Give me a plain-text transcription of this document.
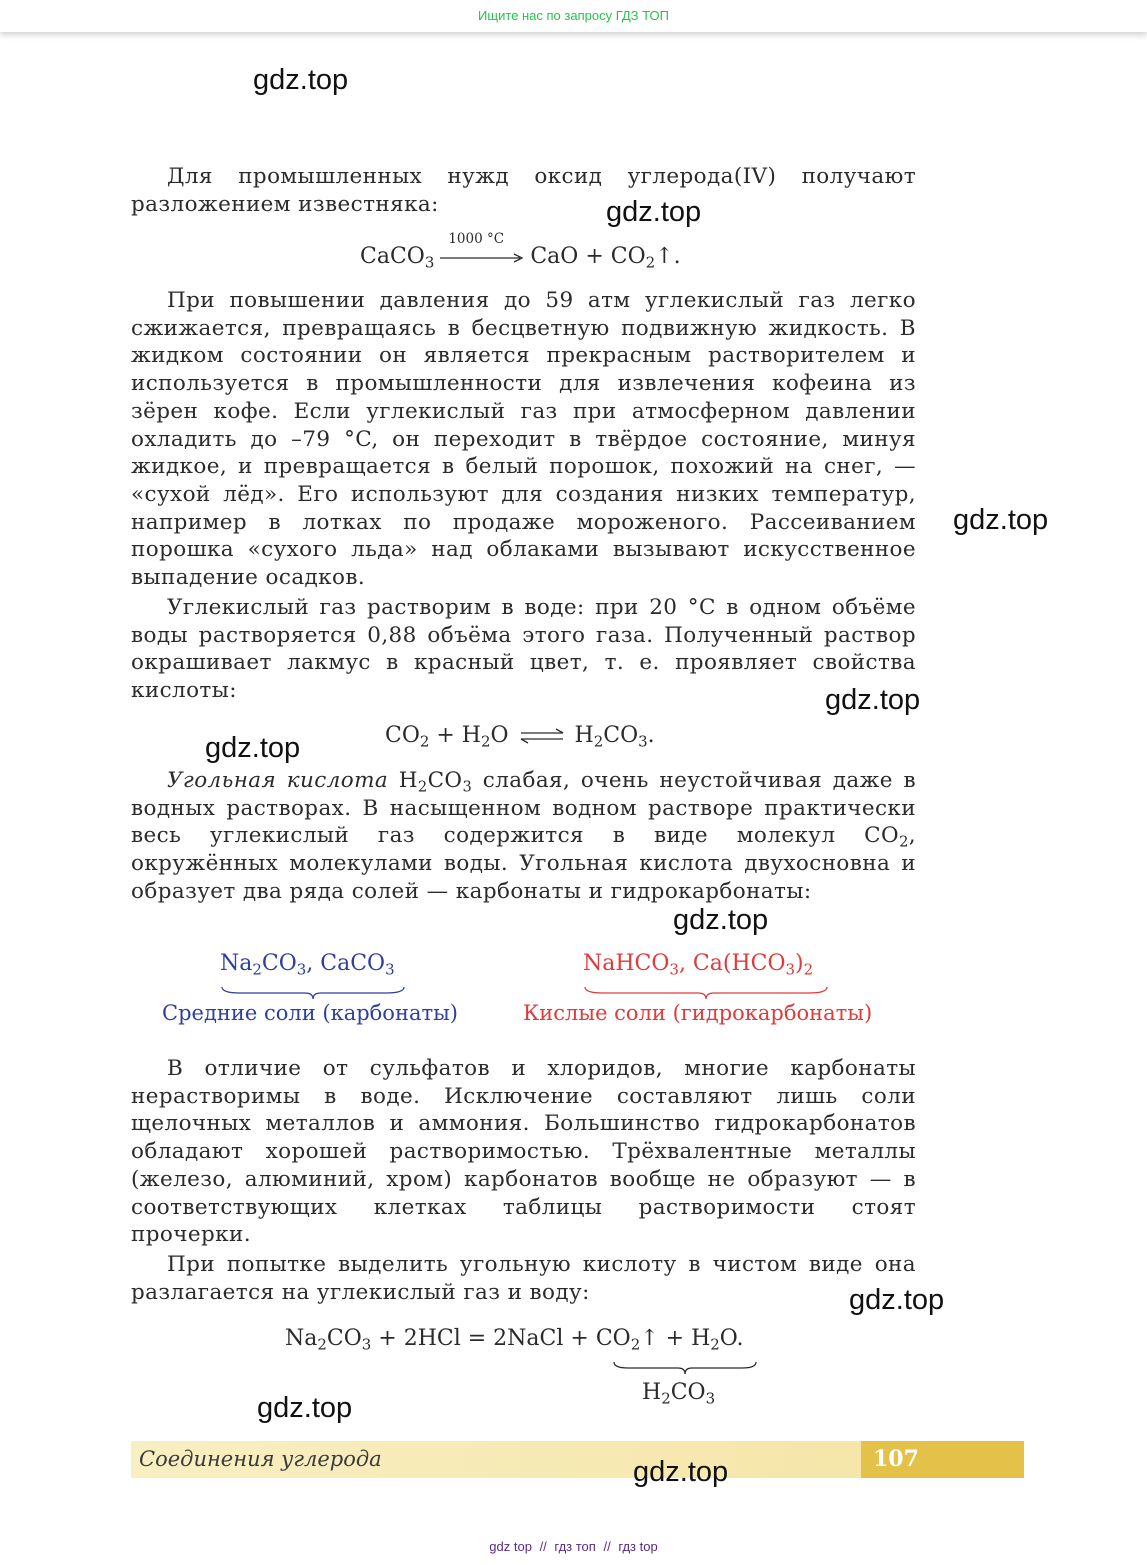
Ищите нас по запросу ГДЗ ТОП
gdz.top
gdz.top
gdz.top
gdz.top
gdz.top
gdz.top
gdz.top
gdz.top
gdz.top

Для промышленных нужд оксид углерода(IV) получают разложением известняка:

CaCO$_3$
1000 °C
CaO + $CO_2↑$.

При повышении давления до 59 атм углекислый газ легко сжижается, превращаясь в бесцветную подвижную жидкость. В жидком состоянии он является прекрасным растворителем и используется в промышленности для извлечения кофеина из зёрен кофе. Если углекислый газ при атмосферном давлении охладить до –79 °C, он переходит в твёрдое состояние, минуя жидкое, и превращается в белый порошок, похожий на снег, — «сухой лёд». Его используют для создания низких температур, например в лотках по продаже мороженого. Рассеиванием порошка «сухого льда» над облаками вызывают искусственное выпадение осадков.

Углекислый газ растворим в воде: при 20 °C в одном объёме воды растворяется 0,88 объёма этого газа. Полученный раствор окрашивает лакмус в красный цвет, т. е. проявляет свойства кислоты:

$CO_2 + H_2O$ ⇌ $H_2CO_3$.

Угольная кислота $H_2CO_3$ слабая, очень неустойчивая даже в водных растворах. В насыщенном водном растворе практически весь углекислый газ содержится в виде молекул $CO_2$, окружённых молекулами воды. Угольная кислота двухосновна и образует два ряда солей — карбонаты и гидрокарбонаты:

$Na_2CO_3$, CaCO$_3$
Средние соли (карбонаты)
NaHCO$_3$, $Ca(HCO_3)_2$
Кислые соли (гидрокарбонаты)

В отличие от сульфатов и хлоридов, многие карбонаты нерастворимы в воде. Исключение составляют лишь соли щелочных металлов и аммония. Большинство гидрокарбонатов обладают хорошей растворимостью. Трёхвалентные металлы (железо, алюминий, хром) карбонатов вообще не образуют — в соответствующих клетках таблицы растворимости стоят прочерки.

При попытке выделить угольную кислоту в чистом виде она разлагается на углекислый газ и воду:

$Na_2CO_3 + 2HCl$ = 2NaCl + $CO_2↑ + H_2O$.
$H_2CO_3$
Соединения углерода	107
gdz top // гдз топ // гдз top
